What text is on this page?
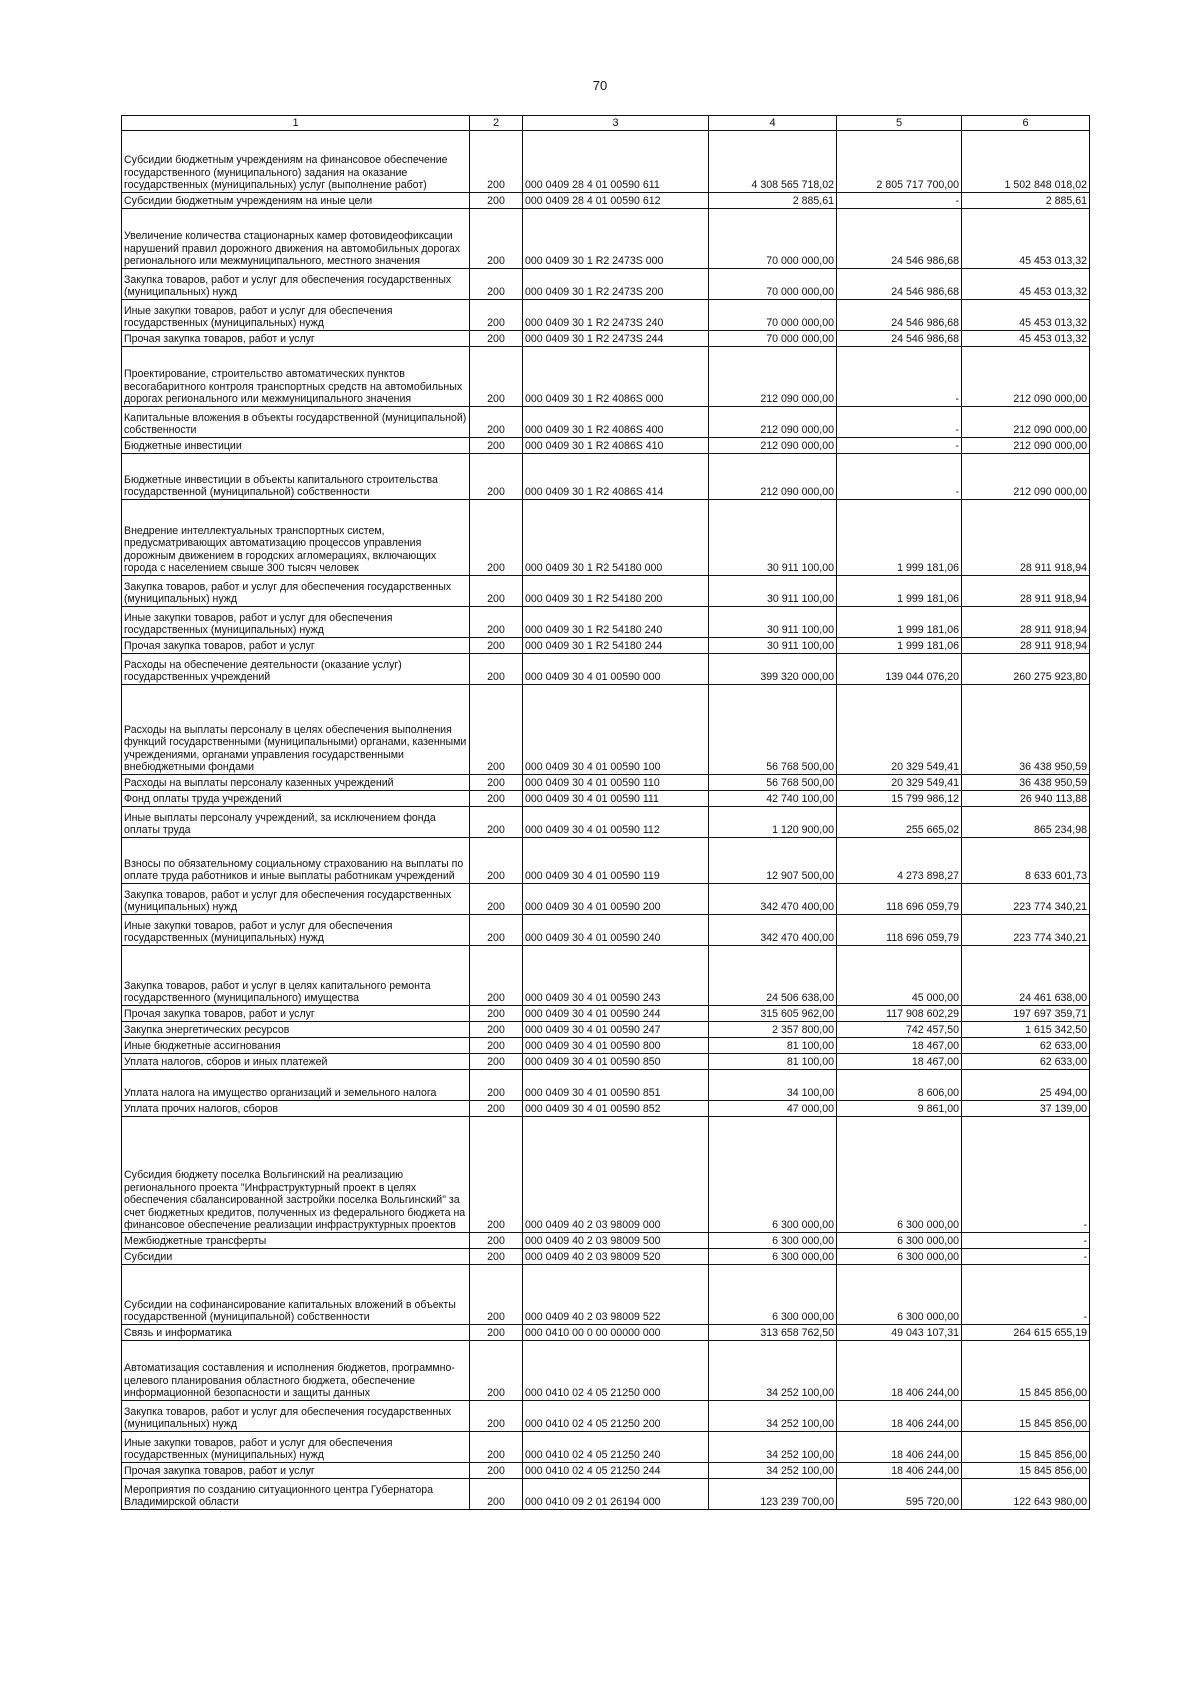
70
1	2	3	4	5	6
Субсидии бюджетным учреждениям на финансовое обеспечение государственного (муниципального) задания на оказание государственных (муниципальных) услуг (выполнение работ)	200	000 0409 28 4 01 00590 611	4 308 565 718,02	2 805 717 700,00	1 502 848 018,02
Субсидии бюджетным учреждениям на иные цели	200	000 0409 28 4 01 00590 612	2 885,61	-	2 885,61
Увеличение количества стационарных камер фотовидеофиксации нарушений правил дорожного движения на автомобильных дорогах регионального или межмуниципального, местного значения	200	000 0409 30 1 R2 2473S 000	70 000 000,00	24 546 986,68	45 453 013,32
Закупка товаров, работ и услуг для обеспечения государственных (муниципальных) нужд	200	000 0409 30 1 R2 2473S 200	70 000 000,00	24 546 986,68	45 453 013,32
Иные закупки товаров, работ и услуг для обеспечения государственных (муниципальных) нужд	200	000 0409 30 1 R2 2473S 240	70 000 000,00	24 546 986,68	45 453 013,32
Прочая закупка товаров, работ и услуг	200	000 0409 30 1 R2 2473S 244	70 000 000,00	24 546 986,68	45 453 013,32
Проектирование, строительство автоматических пунктов весогабаритного контроля транспортных средств на автомобильных дорогах регионального или межмуниципального значения	200	000 0409 30 1 R2 4086S 000	212 090 000,00	-	212 090 000,00
Капитальные вложения в объекты государственной (муниципальной) собственности	200	000 0409 30 1 R2 4086S 400	212 090 000,00	-	212 090 000,00
Бюджетные инвестиции	200	000 0409 30 1 R2 4086S 410	212 090 000,00	-	212 090 000,00
Бюджетные инвестиции в объекты капитального строительства государственной (муниципальной) собственности	200	000 0409 30 1 R2 4086S 414	212 090 000,00	-	212 090 000,00
Внедрение интеллектуальных транспортных систем, предусматривающих автоматизацию процессов управления дорожным движением в городских агломерациях, включающих города с населением свыше 300 тысяч человек	200	000 0409 30 1 R2 54180 000	30 911 100,00	1 999 181,06	28 911 918,94
Закупка товаров, работ и услуг для обеспечения государственных (муниципальных) нужд	200	000 0409 30 1 R2 54180 200	30 911 100,00	1 999 181,06	28 911 918,94
Иные закупки товаров, работ и услуг для обеспечения государственных (муниципальных) нужд	200	000 0409 30 1 R2 54180 240	30 911 100,00	1 999 181,06	28 911 918,94
Прочая закупка товаров, работ и услуг	200	000 0409 30 1 R2 54180 244	30 911 100,00	1 999 181,06	28 911 918,94
Расходы на обеспечение деятельности (оказание услуг) государственных учреждений	200	000 0409 30 4 01 00590 000	399 320 000,00	139 044 076,20	260 275 923,80
Расходы на выплаты персоналу в целях обеспечения выполнения функций государственными (муниципальными) органами, казенными учреждениями, органами управления государственными внебюджетными фондами	200	000 0409 30 4 01 00590 100	56 768 500,00	20 329 549,41	36 438 950,59
Расходы на выплаты персоналу казенных учреждений	200	000 0409 30 4 01 00590 110	56 768 500,00	20 329 549,41	36 438 950,59
Фонд оплаты труда учреждений	200	000 0409 30 4 01 00590 111	42 740 100,00	15 799 986,12	26 940 113,88
Иные выплаты персоналу учреждений, за исключением фонда оплаты труда	200	000 0409 30 4 01 00590 112	1 120 900,00	255 665,02	865 234,98
Взносы по обязательному социальному страхованию на выплаты по оплате труда работников и иные выплаты работникам учреждений	200	000 0409 30 4 01 00590 119	12 907 500,00	4 273 898,27	8 633 601,73
Закупка товаров, работ и услуг для обеспечения государственных (муниципальных) нужд	200	000 0409 30 4 01 00590 200	342 470 400,00	118 696 059,79	223 774 340,21
Иные закупки товаров, работ и услуг для обеспечения государственных (муниципальных) нужд	200	000 0409 30 4 01 00590 240	342 470 400,00	118 696 059,79	223 774 340,21
Закупка товаров, работ и услуг в целях капитального ремонта государственного (муниципального) имущества	200	000 0409 30 4 01 00590 243	24 506 638,00	45 000,00	24 461 638,00
Прочая закупка товаров, работ и услуг	200	000 0409 30 4 01 00590 244	315 605 962,00	117 908 602,29	197 697 359,71
Закупка энергетических ресурсов	200	000 0409 30 4 01 00590 247	2 357 800,00	742 457,50	1 615 342,50
Иные бюджетные ассигнования	200	000 0409 30 4 01 00590 800	81 100,00	18 467,00	62 633,00
Уплата налогов, сборов и иных платежей	200	000 0409 30 4 01 00590 850	81 100,00	18 467,00	62 633,00
Уплата налога на имущество организаций и земельного налога	200	000 0409 30 4 01 00590 851	34 100,00	8 606,00	25 494,00
Уплата прочих налогов, сборов	200	000 0409 30 4 01 00590 852	47 000,00	9 861,00	37 139,00
Субсидия бюджету поселка Вольгинский на реализацию регионального проекта "Инфраструктурный проект в целях обеспечения сбалансированной застройки поселка Вольгинский" за счет бюджетных кредитов, полученных из федерального бюджета на финансовое обеспечение реализации инфраструктурных проектов	200	000 0409 40 2 03 98009 000	6 300 000,00	6 300 000,00	-
Межбюджетные трансферты	200	000 0409 40 2 03 98009 500	6 300 000,00	6 300 000,00	-
Субсидии	200	000 0409 40 2 03 98009 520	6 300 000,00	6 300 000,00	-
Субсидии на софинансирование капитальных вложений в объекты государственной (муниципальной) собственности	200	000 0409 40 2 03 98009 522	6 300 000,00	6 300 000,00	-
Связь и информатика	200	000 0410 00 0 00 00000 000	313 658 762,50	49 043 107,31	264 615 655,19
Автоматизация составления и исполнения бюджетов, программно-целевого планирования областного бюджета, обеспечение информационной безопасности и защиты данных	200	000 0410 02 4 05 21250 000	34 252 100,00	18 406 244,00	15 845 856,00
Закупка товаров, работ и услуг для обеспечения государственных (муниципальных) нужд	200	000 0410 02 4 05 21250 200	34 252 100,00	18 406 244,00	15 845 856,00
Иные закупки товаров, работ и услуг для обеспечения государственных (муниципальных) нужд	200	000 0410 02 4 05 21250 240	34 252 100,00	18 406 244,00	15 845 856,00
Прочая закупка товаров, работ и услуг	200	000 0410 02 4 05 21250 244	34 252 100,00	18 406 244,00	15 845 856,00
Мероприятия по созданию ситуационного центра Губернатора Владимирской области	200	000 0410 09 2 01 26194 000	123 239 700,00	595 720,00	122 643 980,00
